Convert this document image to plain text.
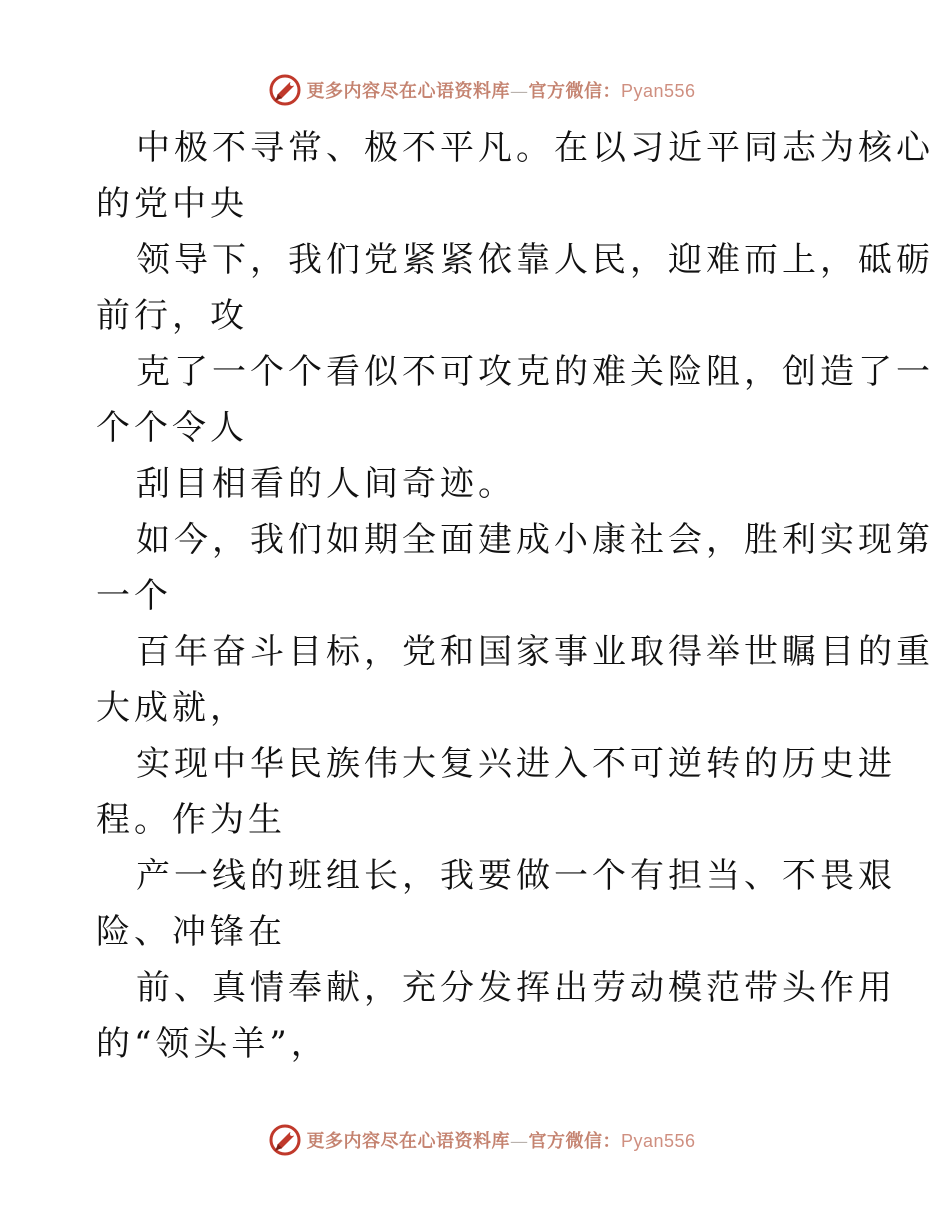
更多内容尽在心语资料库—官方微信：Pyan556
中极不寻常、极不平凡。在以习近平同志为核心
的党中央
领导下，我们党紧紧依靠人民，迎难而上，砥砺
前行，攻
克了一个个看似不可攻克的难关险阻，创造了一
个个令人
刮目相看的人间奇迹。
如今，我们如期全面建成小康社会，胜利实现第
一个
百年奋斗目标，党和国家事业取得举世瞩目的重
大成就，
实现中华民族伟大复兴进入不可逆转的历史进
程。作为生
产一线的班组长，我要做一个有担当、不畏艰
险、冲锋在
前、真情奉献，充分发挥出劳动模范带头作用
的“领头羊”，
更多内容尽在心语资料库—官方微信：Pyan556
